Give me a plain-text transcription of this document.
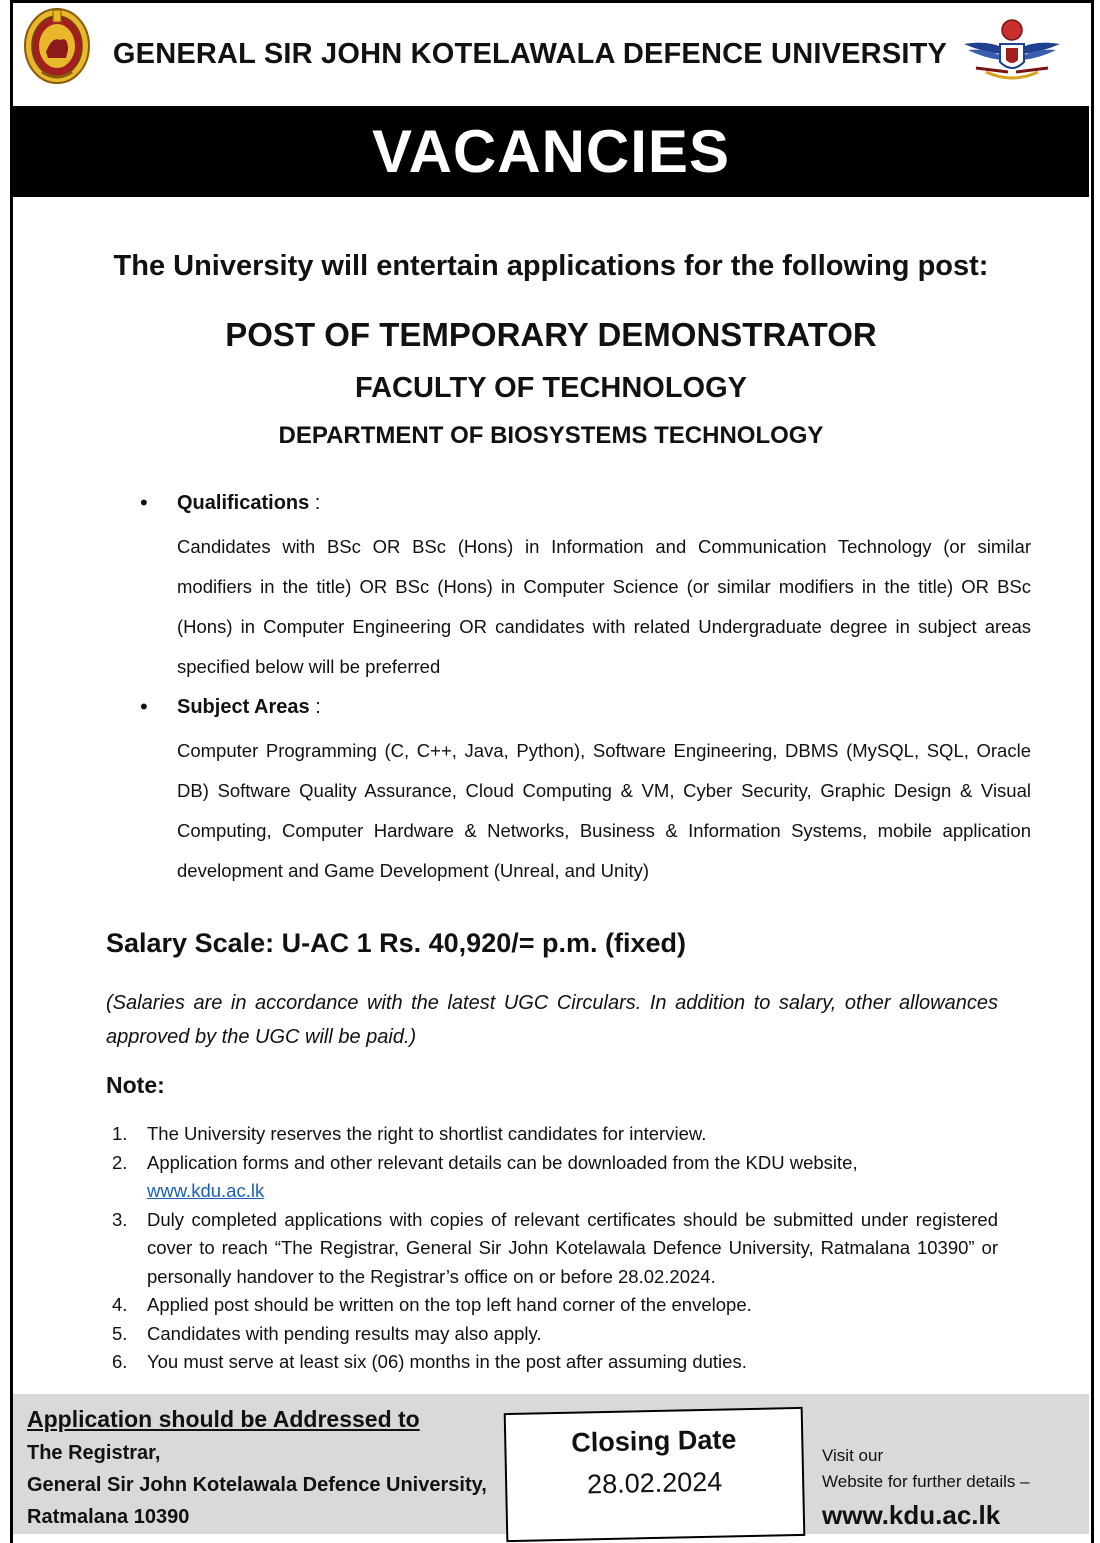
GENERAL SIR JOHN KOTELAWALA DEFENCE UNIVERSITY
VACANCIES
The University will entertain applications for the following post:
POST OF TEMPORARY DEMONSTRATOR
FACULTY OF TECHNOLOGY
DEPARTMENT OF BIOSYSTEMS TECHNOLOGY
• Qualifications :
Candidates with BSc OR BSc (Hons) in Information and Communication Technology (or similar modifiers in the title) OR BSc (Hons) in Computer Science (or similar modifiers in the title) OR BSc (Hons) in Computer Engineering OR candidates with related Undergraduate degree in subject areas specified below will be preferred
• Subject Areas :
Computer Programming (C, C++, Java, Python), Software Engineering, DBMS (MySQL, SQL, Oracle DB) Software Quality Assurance, Cloud Computing & VM, Cyber Security, Graphic Design & Visual Computing, Computer Hardware & Networks, Business & Information Systems, mobile application development and Game Development (Unreal, and Unity)
Salary Scale: U-AC 1 Rs. 40,920/= p.m. (fixed)
(Salaries are in accordance with the latest UGC Circulars. In addition to salary, other allowances approved by the UGC will be paid.)
Note:
1. The University reserves the right to shortlist candidates for interview.
2. Application forms and other relevant details can be downloaded from the KDU website,
www.kdu.ac.lk
3. Duly completed applications with copies of relevant certificates should be submitted under registered cover to reach “The Registrar, General Sir John Kotelawala Defence University, Ratmalana 10390” or personally handover to the Registrar’s office on or before 28.02.2024.
4. Applied post should be written on the top left hand corner of the envelope.
5. Candidates with pending results may also apply.
6. You must serve at least six (06) months in the post after assuming duties.
Application should be Addressed to
The Registrar,
General Sir John Kotelawala Defence University,
Ratmalana 10390
Closing Date
28.02.2024
Visit our
Website for further details –
www.kdu.ac.lk
